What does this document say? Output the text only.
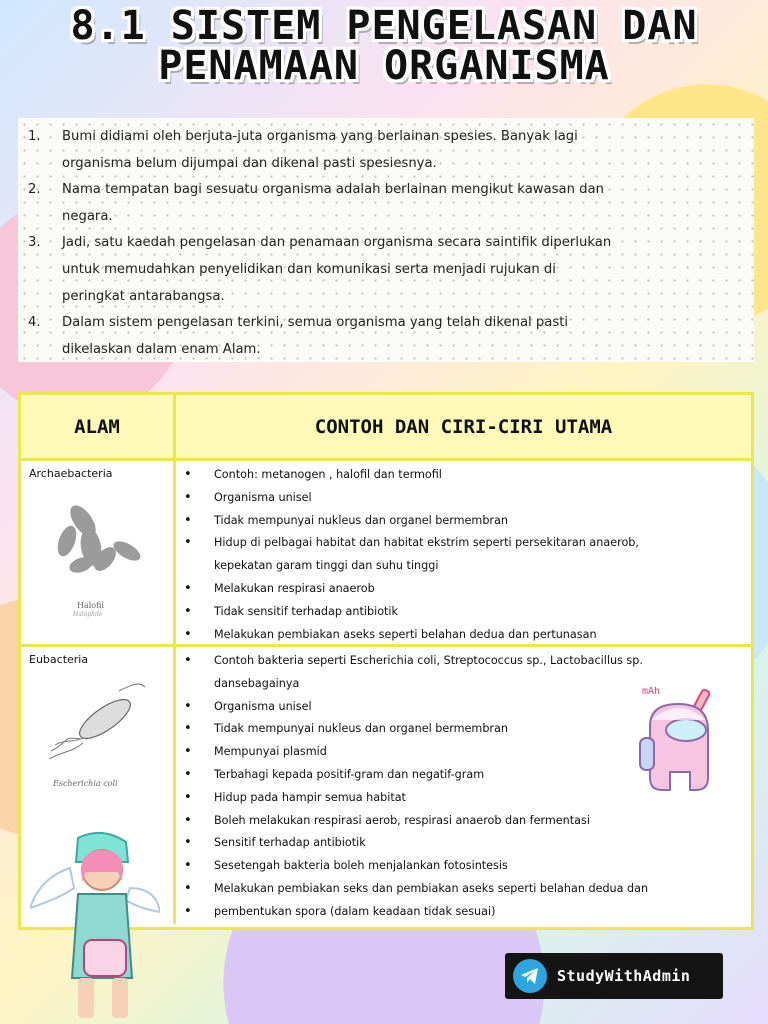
8.1 SISTEM PENGELASAN DAN
PENAMAAN ORGANISMA
1.	Bumi didiami oleh berjuta-juta organisma yang berlainan spesies. Banyak lagi
organisma belum dijumpai dan dikenal pasti spesiesnya.
2.	Nama tempatan bagi sesuatu organisma adalah berlainan mengikut kawasan dan
negara.
3.	Jadi, satu kaedah pengelasan dan penamaan organisma secara saintifik diperlukan
untuk memudahkan penyelidikan dan komunikasi serta menjadi rujukan di
peringkat antarabangsa.
4.	Dalam sistem pengelasan terkini, semua organisma yang telah dikenal pasti
dikelaskan dalam enam Alam.
ALAM	CONTOH DAN CIRI-CIRI UTAMA
Archaebacteria
Halofil
Halophile
•	Contoh: metanogen , halofil dan termofil
•	Organisma unisel
•	Tidak mempunyai nukleus dan organel bermembran
•	Hidup di pelbagai habitat dan habitat ekstrim seperti persekitaran anaerob,
kepekatan garam tinggi dan suhu tinggi
•	Melakukan respirasi anaerob
•	Tidak sensitif terhadap antibiotik
•	Melakukan pembiakan aseks seperti belahan dedua dan pertunasan
Eubacteria
Escherichia coli
•	Contoh bakteria seperti Escherichia coli, Streptococcus sp., Lactobacillus sp.
dansebagainya
•	Organisma unisel
•	Tidak mempunyai nukleus dan organel bermembran
•	Mempunyai plasmid
•	Terbahagi kepada positif-gram dan negatif-gram
•	Hidup pada hampir semua habitat
•	Boleh melakukan respirasi aerob, respirasi anaerob dan fermentasi
•	Sensitif terhadap antibiotik
•	Sesetengah bakteria boleh menjalankan fotosintesis
•	Melakukan pembiakan seks dan pembiakan aseks seperti belahan dedua dan
•	pembentukan spora (dalam keadaan tidak sesuai)
mAh
StudyWithAdmin
